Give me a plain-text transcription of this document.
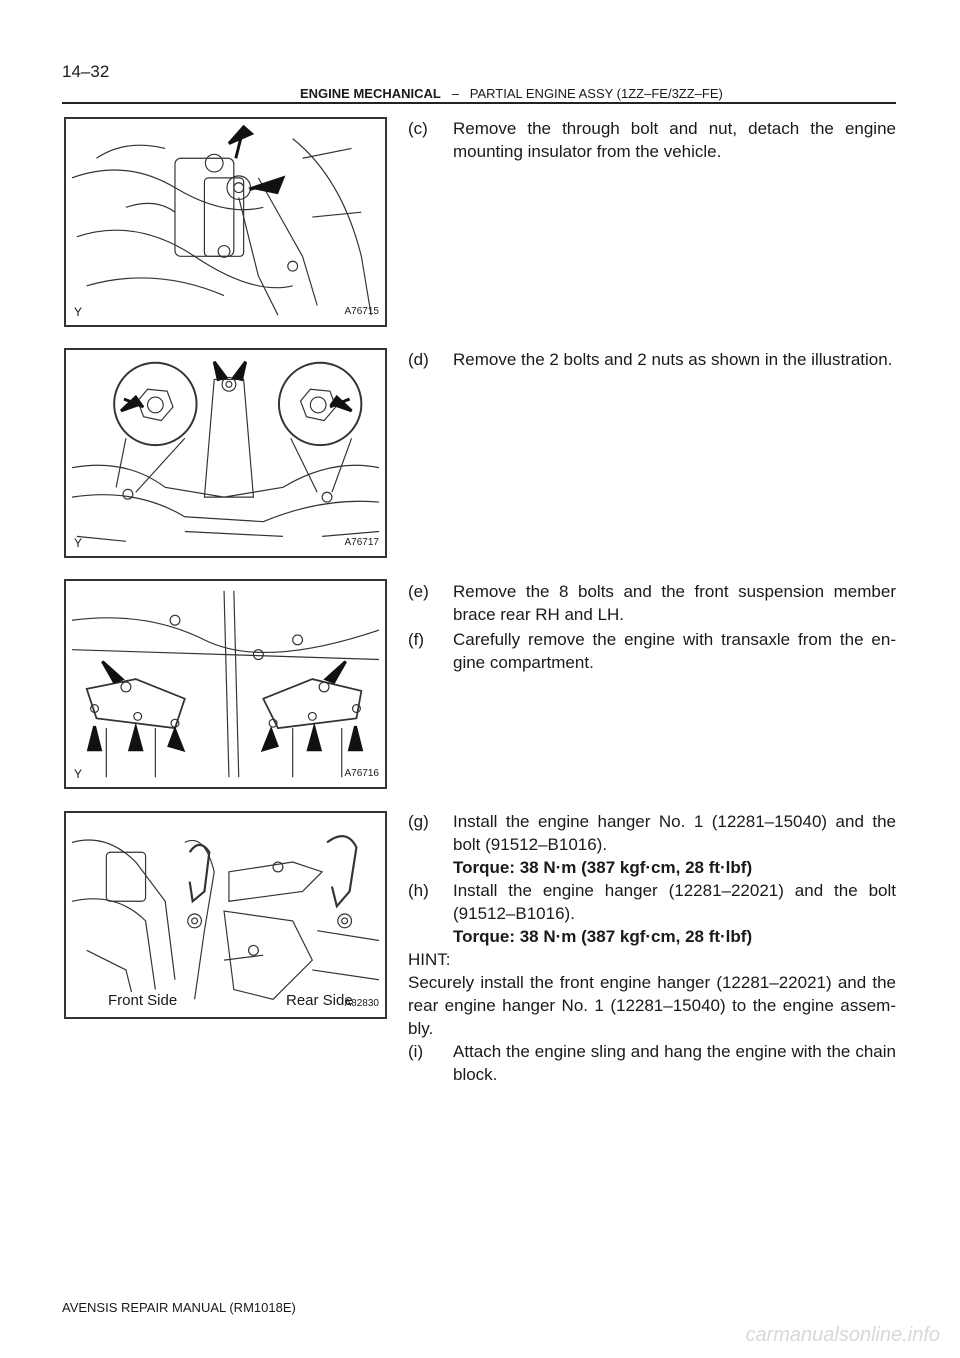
14–32
ENGINE MECHANICAL – PARTIAL ENGINE ASSY (1ZZ–FE/3ZZ–FE)
Y	A76715
Y	A76717
Y	A76716
Front Side	Rear Side
A82830
(c) Remove the through bolt and nut, detach the engine mounting insulator from the vehicle.
(d) Remove the 2 bolts and 2 nuts as shown in the illustration.
(e) Remove the 8 bolts and the front suspension member brace rear RH and LH.
(f) Carefully remove the engine with transaxle from the en-gine compartment.
(g) Install the engine hanger No. 1 (12281–15040) and the bolt (91512–B1016).
Torque: 38 N·m (387 kgf·cm, 28 ft·lbf)
(h) Install the engine hanger (12281–22021) and the bolt (91512–B1016).
Torque: 38 N·m (387 kgf·cm, 28 ft·lbf)
HINT:
Securely install the front engine hanger (12281–22021) and the rear engine hanger No. 1 (12281–15040) to the engine assem-bly.
(i) Attach the engine sling and hang the engine with the chain block.
AVENSIS REPAIR MANUAL (RM1018E)
carmanualsonline.info
